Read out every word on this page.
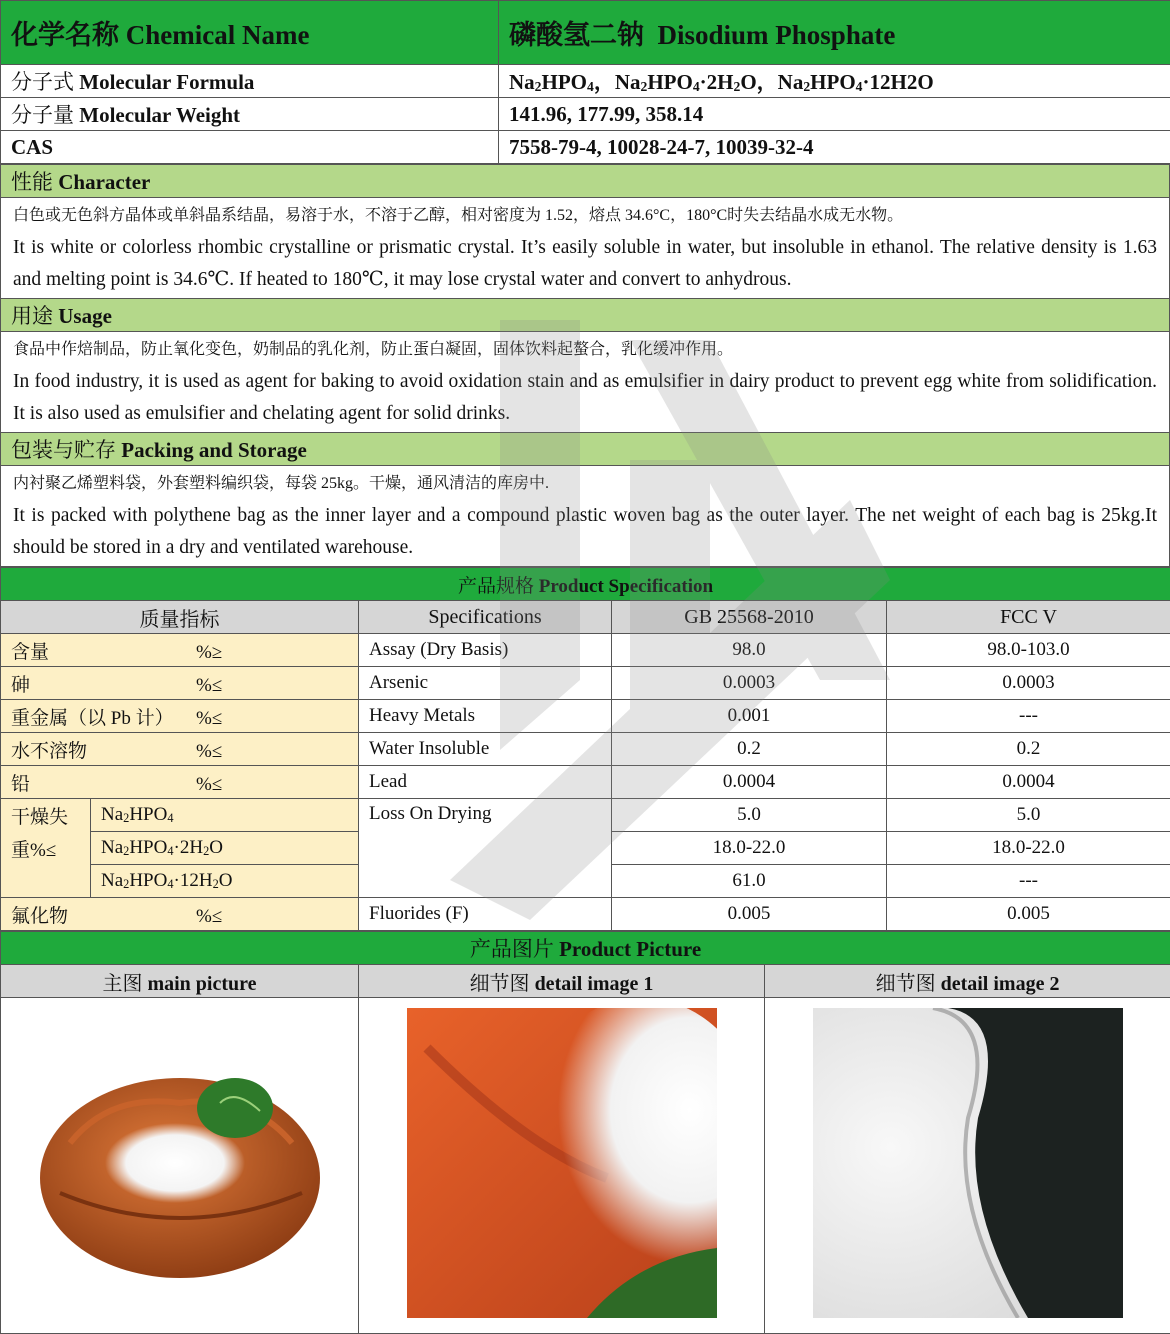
化学名称 Chemical Name	磷酸氢二钠 Disodium Phosphate
分子式 Molecular Formula	Na2HPO4，Na2HPO4·2H2O，Na2HPO4·12H2O
分子量 Molecular Weight	141.96, 177.99, 358.14
CAS	7558-79-4, 10028-24-7, 10039-32-4
性能 Character

白色或无色斜方晶体或单斜晶系结晶，易溶于水，不溶于乙醇，相对密度为 1.52，熔点 34.6°C，180°C时失去结晶水成无水物。
It is white or colorless rhombic crystalline or prismatic crystal. It’s easily soluble in water, but insoluble in ethanol. The relative density is 1.63 and melting point is 34.6℃. If heated to 180℃, it may lose crystal water and convert to anhydrous.

用途 Usage

食品中作焙制品，防止氧化变色，奶制品的乳化剂，防止蛋白凝固，固体饮料起螯合，乳化缓冲作用。
In food industry, it is used as agent for baking to avoid oxidation stain and as emulsifier in dairy product to prevent egg white from solidification. It is also used as emulsifier and chelating agent for solid drinks.

包装与贮存 Packing and Storage

内衬聚乙烯塑料袋，外套塑料编织袋，每袋 25kg。干燥，通风清洁的库房中.
It is packed with polythene bag as the inner layer and a compound plastic woven bag as the outer layer. The net weight of each bag is 25kg.It should be stored in a dry and ventilated warehouse.
产品规格 Product Specification				
质量指标		Specifications	GB 25568-2010	FCC V
含量 %≥		Assay (Dry Basis)	98.0	98.0-103.0
砷 %≤		Arsenic	0.0003	0.0003
重金属（以 Pb 计） %≤		Heavy Metals	0.001	---
水不溶物 %≤		Water Insoluble	0.2	0.2
铅 %≤		Lead	0.0004	0.0004

干燥失
重%≤	Na2HPO4	Loss On Drying	5.0	5.0
	Na2HPO4·2H2O		18.0-22.0	18.0-22.0
	Na2HPO4·12H2O		61.0	---
氟化物 %≤		Fluorides (F)	0.005	0.005
产品图片 Product Picture		
主图 main picture	细节图 detail image 1	细节图 detail image 2
